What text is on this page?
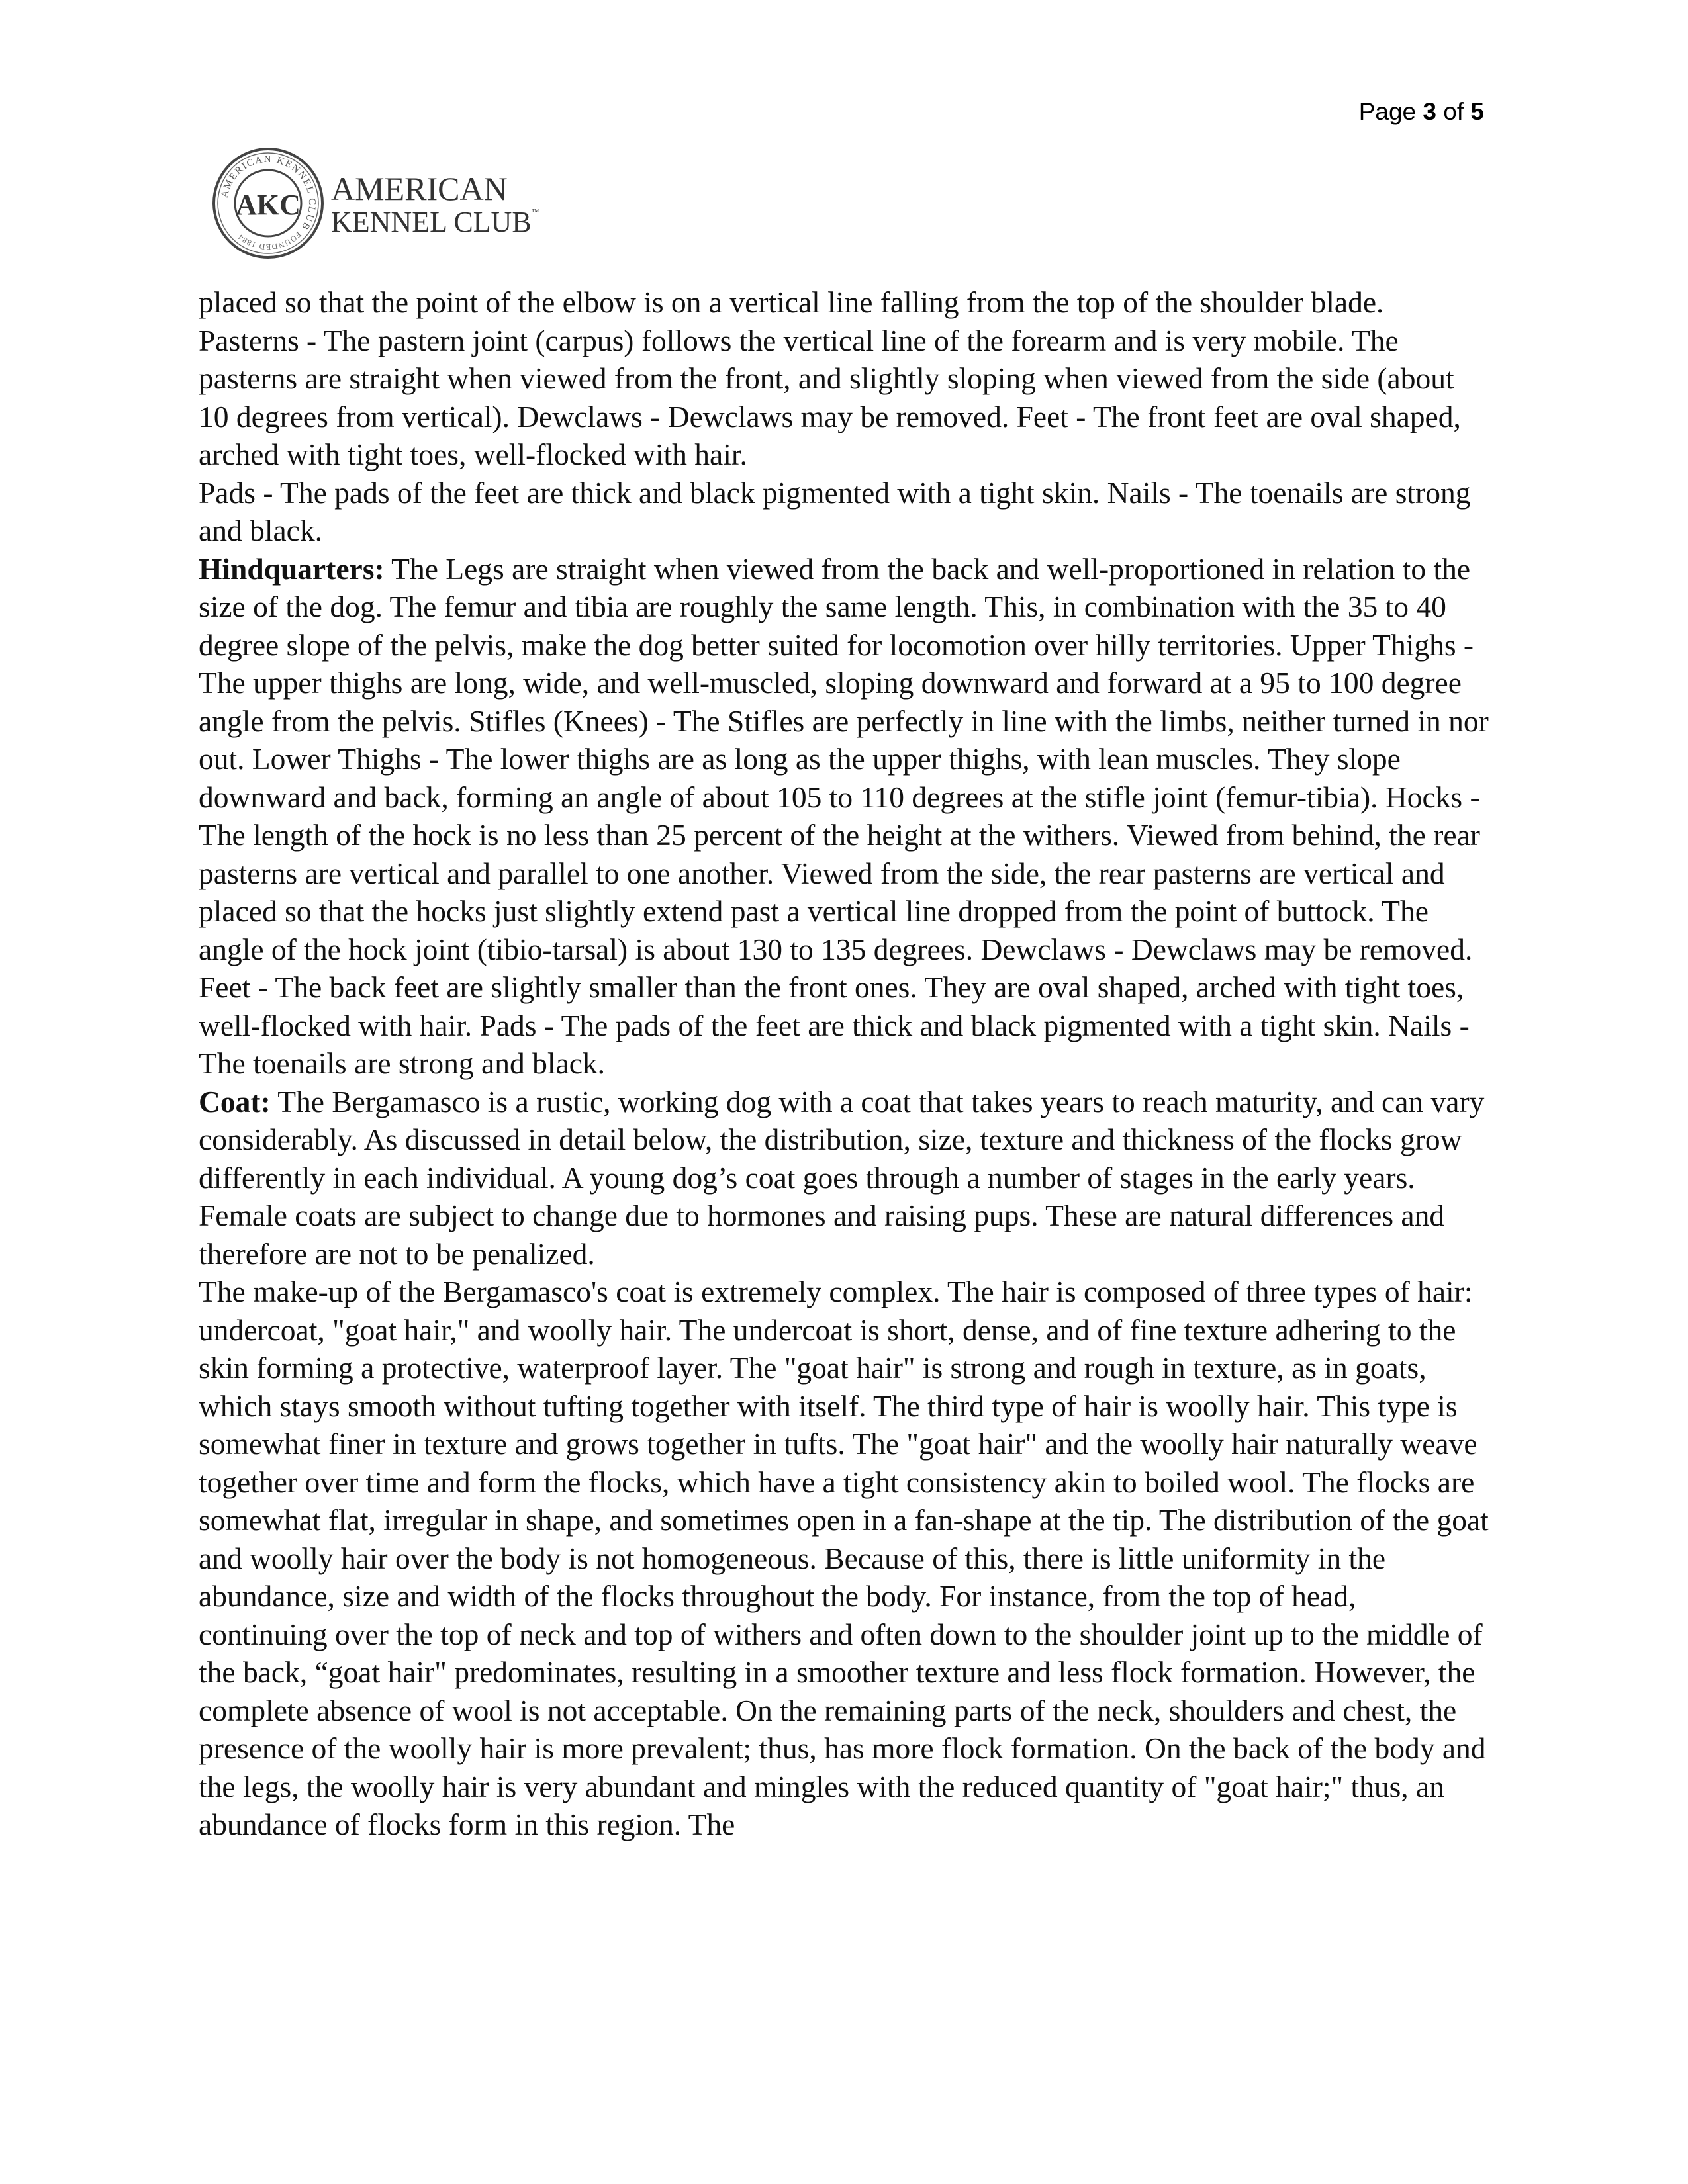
Page 3 of 5
AMERICAN KENNEL CLUB
FOUNDED 1884
AKC AMERICAN
KENNEL CLUB™

placed so that the point of the elbow is on a vertical line falling from the top of the shoulder blade. Pasterns - The pastern joint (carpus) follows the vertical line of the forearm and is very mobile. The pasterns are straight when viewed from the front, and slightly sloping when viewed from the side (about 10 degrees from vertical). Dewclaws - Dewclaws may be removed. Feet - The front feet are oval shaped, arched with tight toes, well-flocked with hair.

Pads - The pads of the feet are thick and black pigmented with a tight skin. Nails - The toenails are strong and black.

Hindquarters: The Legs are straight when viewed from the back and well-proportioned in relation to the size of the dog. The femur and tibia are roughly the same length. This, in combination with the 35 to 40 degree slope of the pelvis, make the dog better suited for locomotion over hilly territories. Upper Thighs - The upper thighs are long, wide, and well-muscled, sloping downward and forward at a 95 to 100 degree angle from the pelvis. Stifles (Knees) - The Stifles are perfectly in line with the limbs, neither turned in nor out. Lower Thighs - The lower thighs are as long as the upper thighs, with lean muscles. They slope downward and back, forming an angle of about 105 to 110 degrees at the stifle joint (femur-tibia). Hocks - The length of the hock is no less than 25 percent of the height at the withers. Viewed from behind, the rear pasterns are vertical and parallel to one another. Viewed from the side, the rear pasterns are vertical and placed so that the hocks just slightly extend past a vertical line dropped from the point of buttock. The angle of the hock joint (tibio-tarsal) is about 130 to 135 degrees. Dewclaws - Dewclaws may be removed. Feet - The back feet are slightly smaller than the front ones. They are oval shaped, arched with tight toes, well-flocked with hair. Pads - The pads of the feet are thick and black pigmented with a tight skin. Nails - The toenails are strong and black.

Coat: The Bergamasco is a rustic, working dog with a coat that takes years to reach maturity, and can vary considerably. As discussed in detail below, the distribution, size, texture and thickness of the flocks grow differently in each individual. A young dog’s coat goes through a number of stages in the early years. Female coats are subject to change due to hormones and raising pups. These are natural differences and therefore are not to be penalized.

The make-up of the Bergamasco's coat is extremely complex. The hair is composed of three types of hair: undercoat, "goat hair," and woolly hair. The undercoat is short, dense, and of fine texture adhering to the skin forming a protective, waterproof layer. The "goat hair" is strong and rough in texture, as in goats, which stays smooth without tufting together with itself. The third type of hair is woolly hair. This type is somewhat finer in texture and grows together in tufts. The "goat hair" and the woolly hair naturally weave together over time and form the flocks, which have a tight consistency akin to boiled wool. The flocks are somewhat flat, irregular in shape, and sometimes open in a fan-shape at the tip. The distribution of the goat and woolly hair over the body is not homogeneous. Because of this, there is little uniformity in the abundance, size and width of the flocks throughout the body. For instance, from the top of head, continuing over the top of neck and top of withers and often down to the shoulder joint up to the middle of the back, “goat hair" predominates, resulting in a smoother texture and less flock formation. However, the complete absence of wool is not acceptable. On the remaining parts of the neck, shoulders and chest, the presence of the woolly hair is more prevalent; thus, has more flock formation. On the back of the body and the legs, the woolly hair is very abundant and mingles with the reduced quantity of "goat hair;" thus, an abundance of flocks form in this region. The
